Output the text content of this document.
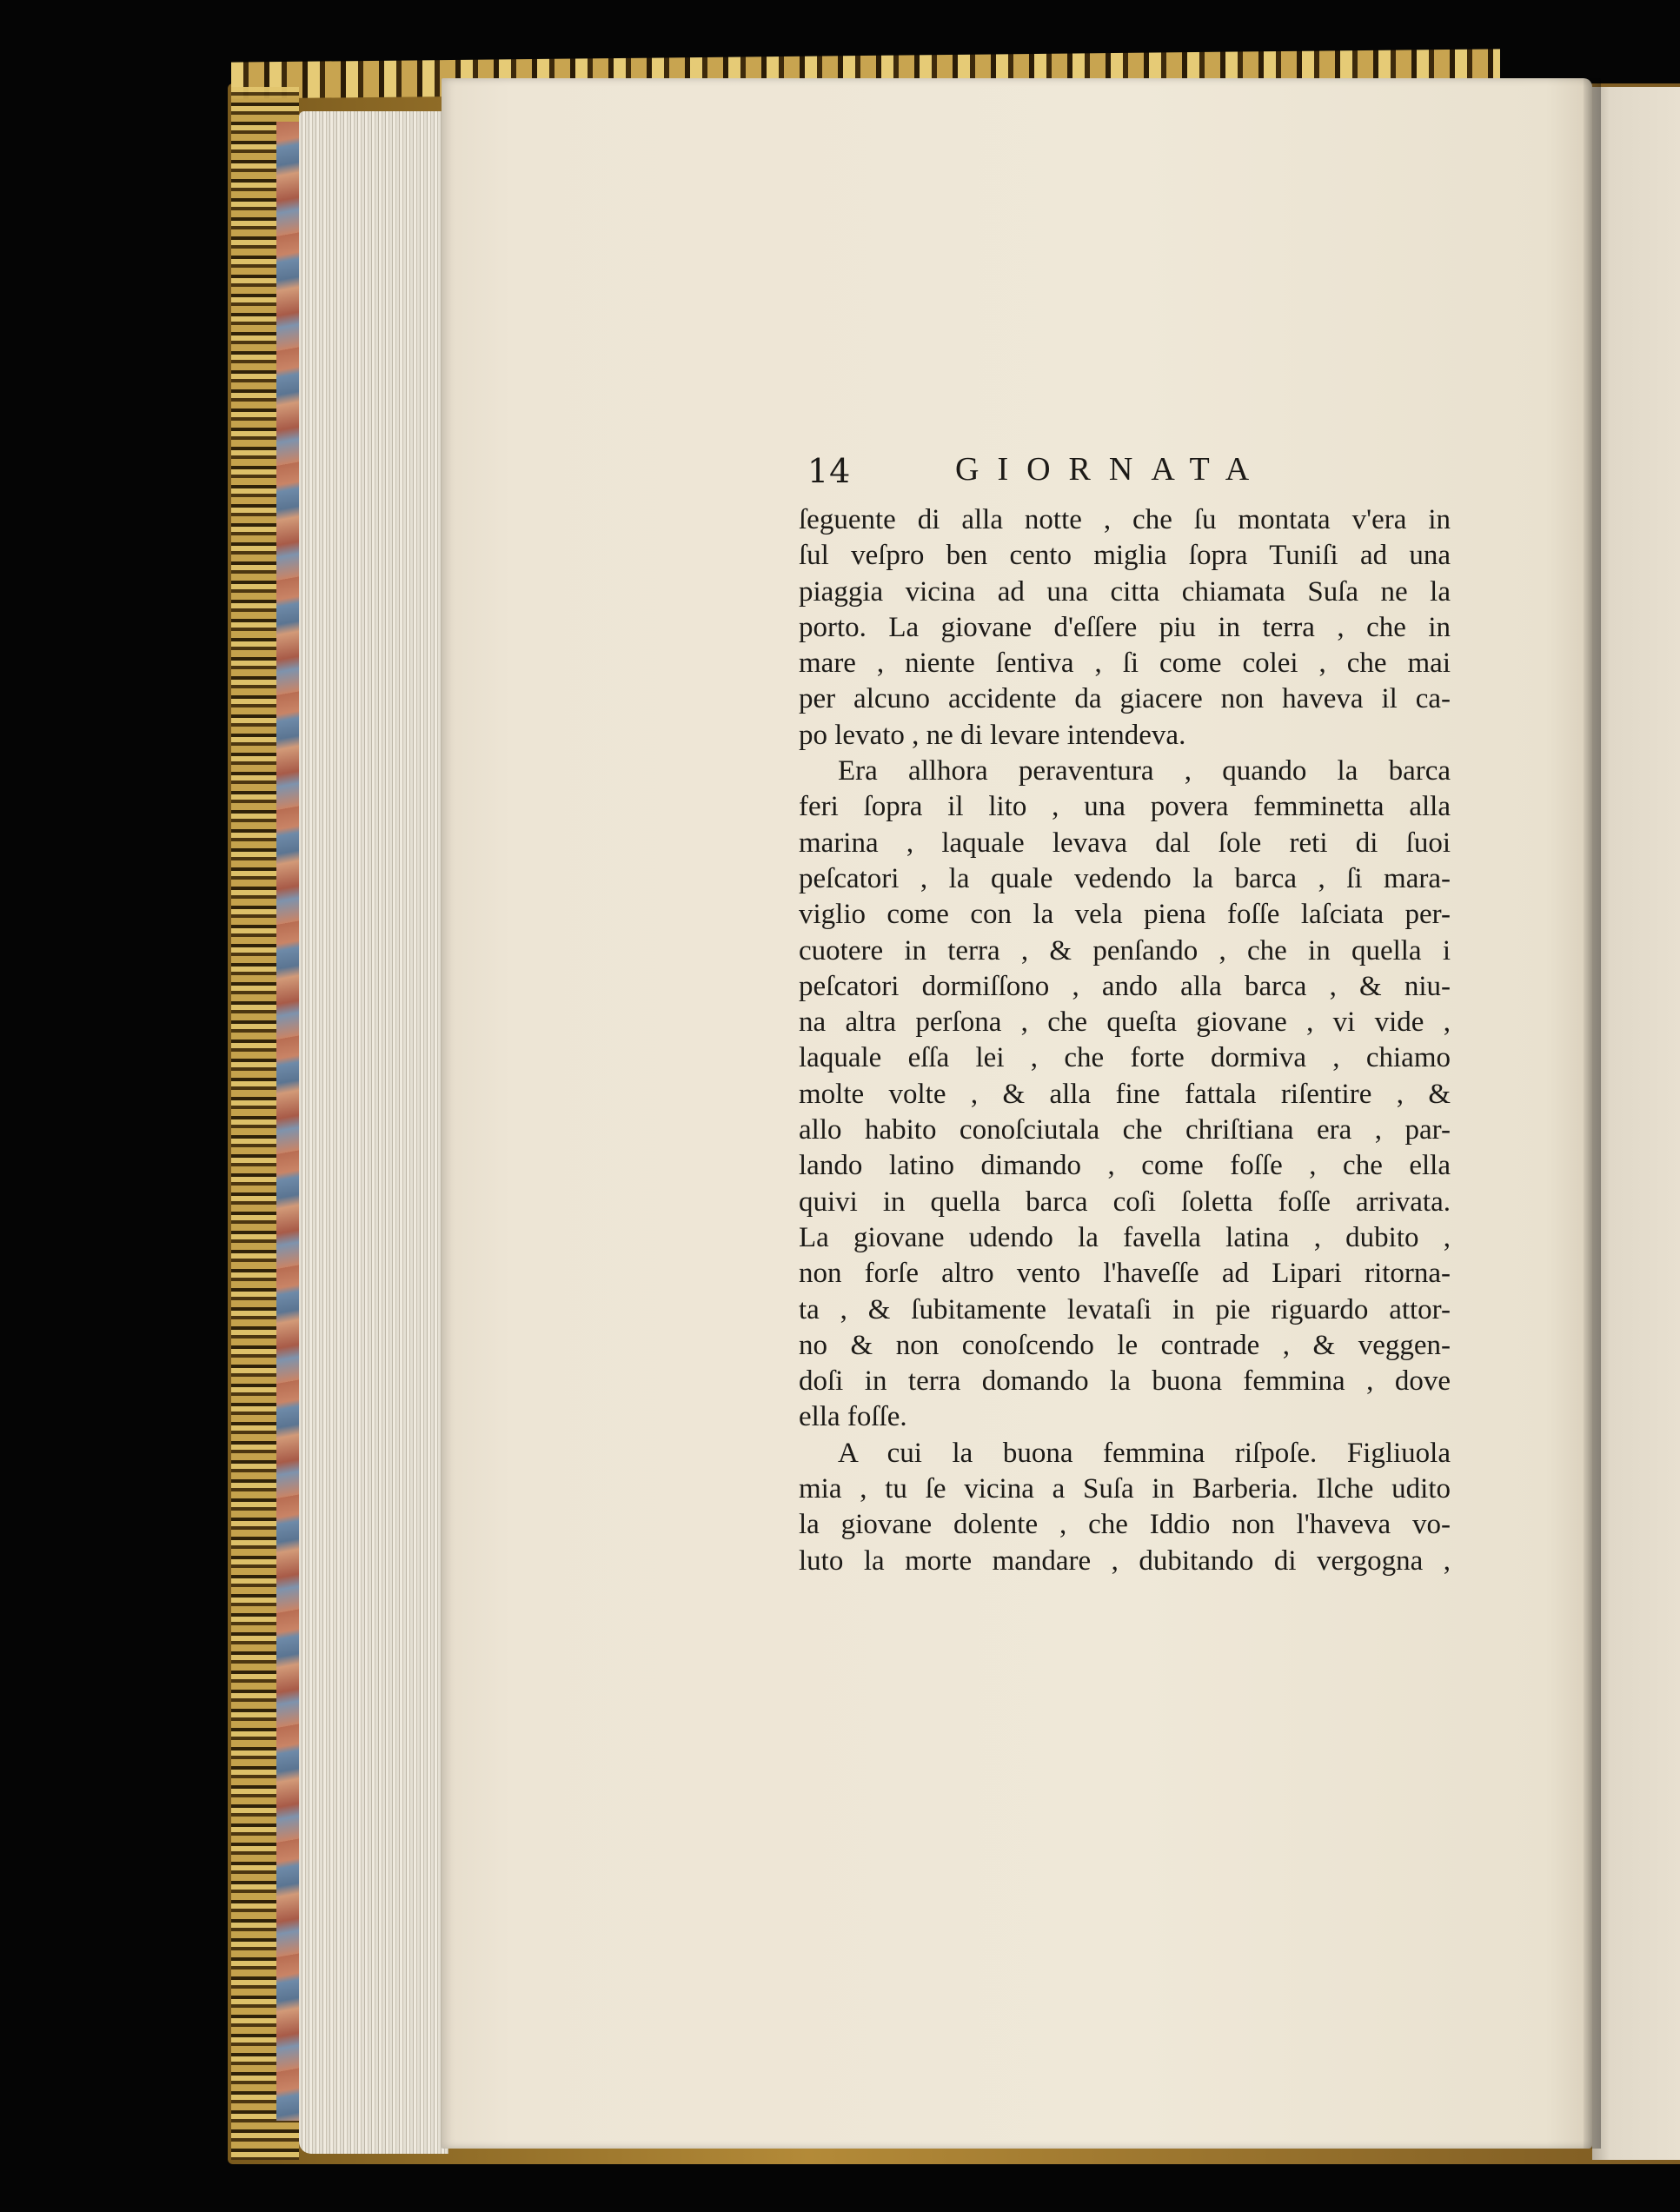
14	GIORNATA
ſeguente di alla notte , che ſu montata v'era in
ſul veſpro ben cento miglia ſopra Tuniſi ad una
piaggia vicina ad una citta chiamata Suſa ne la
porto. La giovane d'eſſere piu in terra , che in
mare , niente ſentiva , ſi come colei , che mai
per alcuno accidente da giacere non haveva il ca-
po levato , ne di levare intendeva.
Era allhora peraventura , quando la barca
feri ſopra il lito , una povera femminetta alla
marina , laquale levava dal ſole reti di ſuoi
peſcatori , la quale vedendo la barca , ſi mara-
viglio come con la vela piena foſſe laſciata per-
cuotere in terra , & penſando , che in quella i
peſcatori dormiſſono , ando alla barca , & niu-
na altra perſona , che queſta giovane , vi vide ,
laquale eſſa lei , che forte dormiva , chiamo
molte volte , & alla fine fattala riſentire , &
allo habito conoſciutala che chriſtiana era , par-
lando latino dimando , come foſſe , che ella
quivi in quella barca coſi ſoletta foſſe arrivata.
La giovane udendo la favella latina , dubito ,
non forſe altro vento l'haveſſe ad Lipari ritorna-
ta , & ſubitamente levataſi in pie riguardo attor-
no & non conoſcendo le contrade , & veggen-
doſi in terra domando la buona femmina , dove
ella foſſe.
A cui la buona femmina riſpoſe. Figliuola
mia , tu ſe vicina a Suſa in Barberia. Ilche udito
la giovane dolente , che Iddio non l'haveva vo-
luto la morte mandare , dubitando di vergogna ,
